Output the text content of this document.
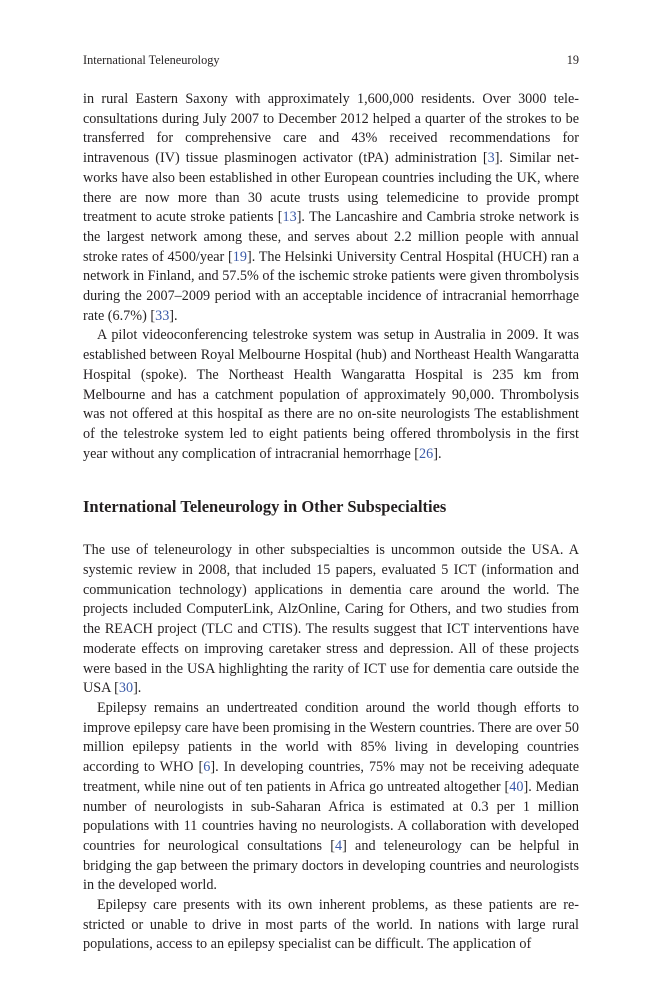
International Teleneurology	19

in rural Eastern Saxony with approximately 1,600,000 residents. Over 3000 teleconsultations during July 2007 to December 2012 helped a quarter of the strokes to be transferred for comprehensive care and 43% received recommendations for intravenous (IV) tissue plasminogen activator (tPA) administration [3]. Similar networks have also been established in other European countries including the UK, where there are now more than 30 acute trusts using telemedicine to provide prompt treatment to acute stroke patients [13]. The Lancashire and Cambria stroke network is the largest network among these, and serves about 2.2 million people with annual stroke rates of 4500/year [19]. The Helsinki University Central Hospital (HUCH) ran a network in Finland, and 57.5% of the ischemic stroke patients were given thrombolysis during the 2007–2009 period with an acceptable incidence of intracranial hemorrhage rate (6.7%) [33].

A pilot videoconferencing telestroke system was setup in Australia in 2009. It was established between Royal Melbourne Hospital (hub) and Northeast Health Wangaratta Hospital (spoke). The Northeast Health Wangaratta Hospital is 235 km from Melbourne and has a catchment population of approximately 90,000. Thrombolysis was not offered at this hospitaI as there are no on-site neurologists The establishment of the telestroke system led to eight patients being offered thrombolysis in the first year without any complication of intracranial hemorrhage [26].

International Teleneurology in Other Subspecialties

The use of teleneurology in other subspecialties is uncommon outside the USA. A systemic review in 2008, that included 15 papers, evaluated 5 ICT (information and communication technology) applications in dementia care around the world. The projects included ComputerLink, AlzOnline, Caring for Others, and two studies from the REACH project (TLC and CTIS). The results suggest that ICT interventions have moderate effects on improving caretaker stress and depression. All of these projects were based in the USA highlighting the rarity of ICT use for dementia care outside the USA [30].

Epilepsy remains an undertreated condition around the world though efforts to improve epilepsy care have been promising in the Western countries. There are over 50 million epilepsy patients in the world with 85% living in developing countries according to WHO [6]. In developing countries, 75% may not be receiving adequate treatment, while nine out of ten patients in Africa go untreated altogether [40]. Median number of neurologists in sub-Saharan Africa is estimated at 0.3 per 1 million populations with 11 countries having no neurologists. A collaboration with developed countries for neurological consultations [4] and teleneurology can be helpful in bridging the gap between the primary doctors in developing countries and neurologists in the developed world.

Epilepsy care presents with its own inherent problems, as these patients are restricted or unable to drive in most parts of the world. In nations with large rural populations, access to an epilepsy specialist can be difficult. The application of
